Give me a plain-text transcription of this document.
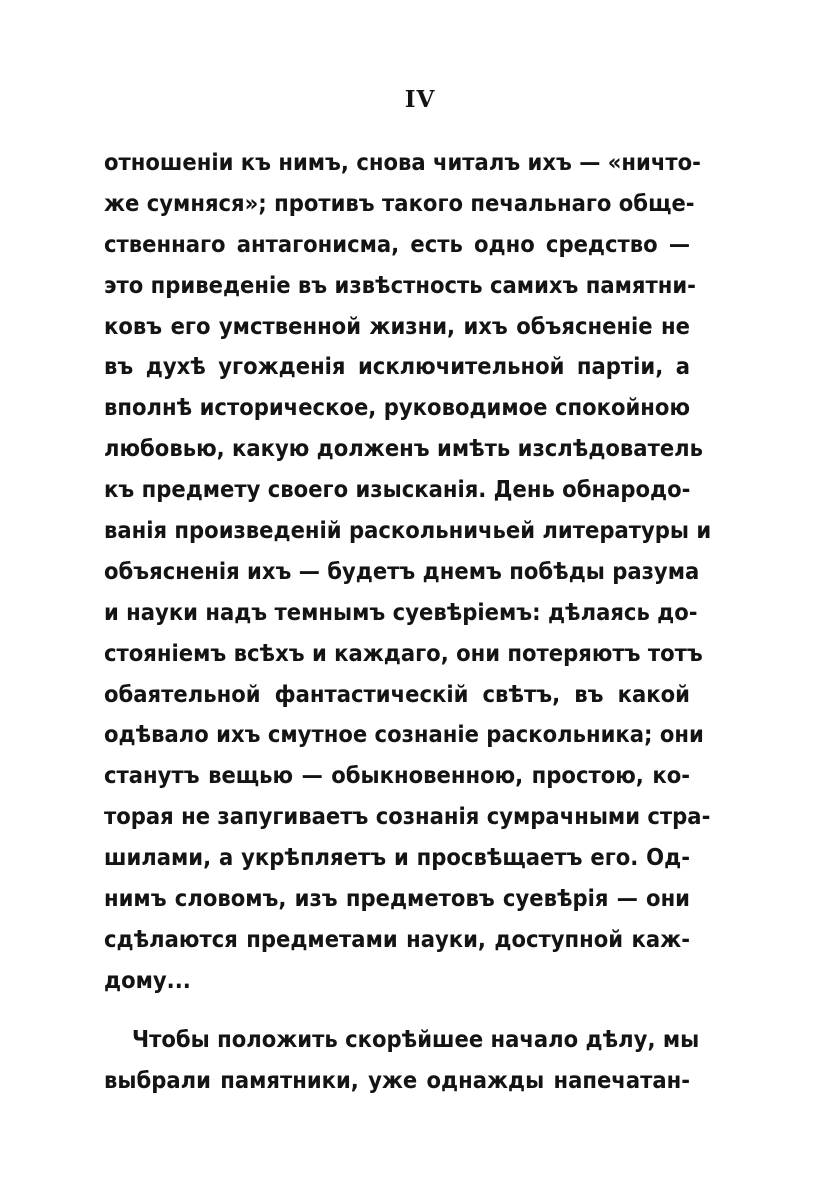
IV
отношеніи къ нимъ, снова читалъ ихъ — «ничто-
же сумняся»; противъ такого печальнаго обще-
ственнаго антагонисма, есть одно средство —
это приведеніе въ извѣстность самихъ памятни-
ковъ его умственной жизни, ихъ объясненіе не
въ духѣ угожденія исключительной партіи, а
вполнѣ историческое, руководимое спокойною
любовью, какую долженъ имѣть изслѣдователь
къ предмету своего изысканія. День обнародо-
ванія произведеній раскольничьей литературы и
объясненія ихъ — будетъ днемъ побѣды разума
и науки надъ темнымъ суевѣріемъ: дѣлаясь до-
стояніемъ всѣхъ и каждаго, они потеряютъ тотъ
обаятельной фантастическій свѣтъ, въ какой
одѣвало ихъ смутное сознаніе раскольника; они
станутъ вещью — обыкновенною, простою, ко-
торая не запугиваетъ сознанія сумрачными стра-
шилами, а укрѣпляетъ и просвѣщаетъ его. Од-
нимъ словомъ, изъ предметовъ суевѣрія — они
сдѣлаются предметами науки, доступной каж-
дому...
Чтобы положить скорѣйшее начало дѣлу, мы
выбрали памятники, уже однажды напечатан-
